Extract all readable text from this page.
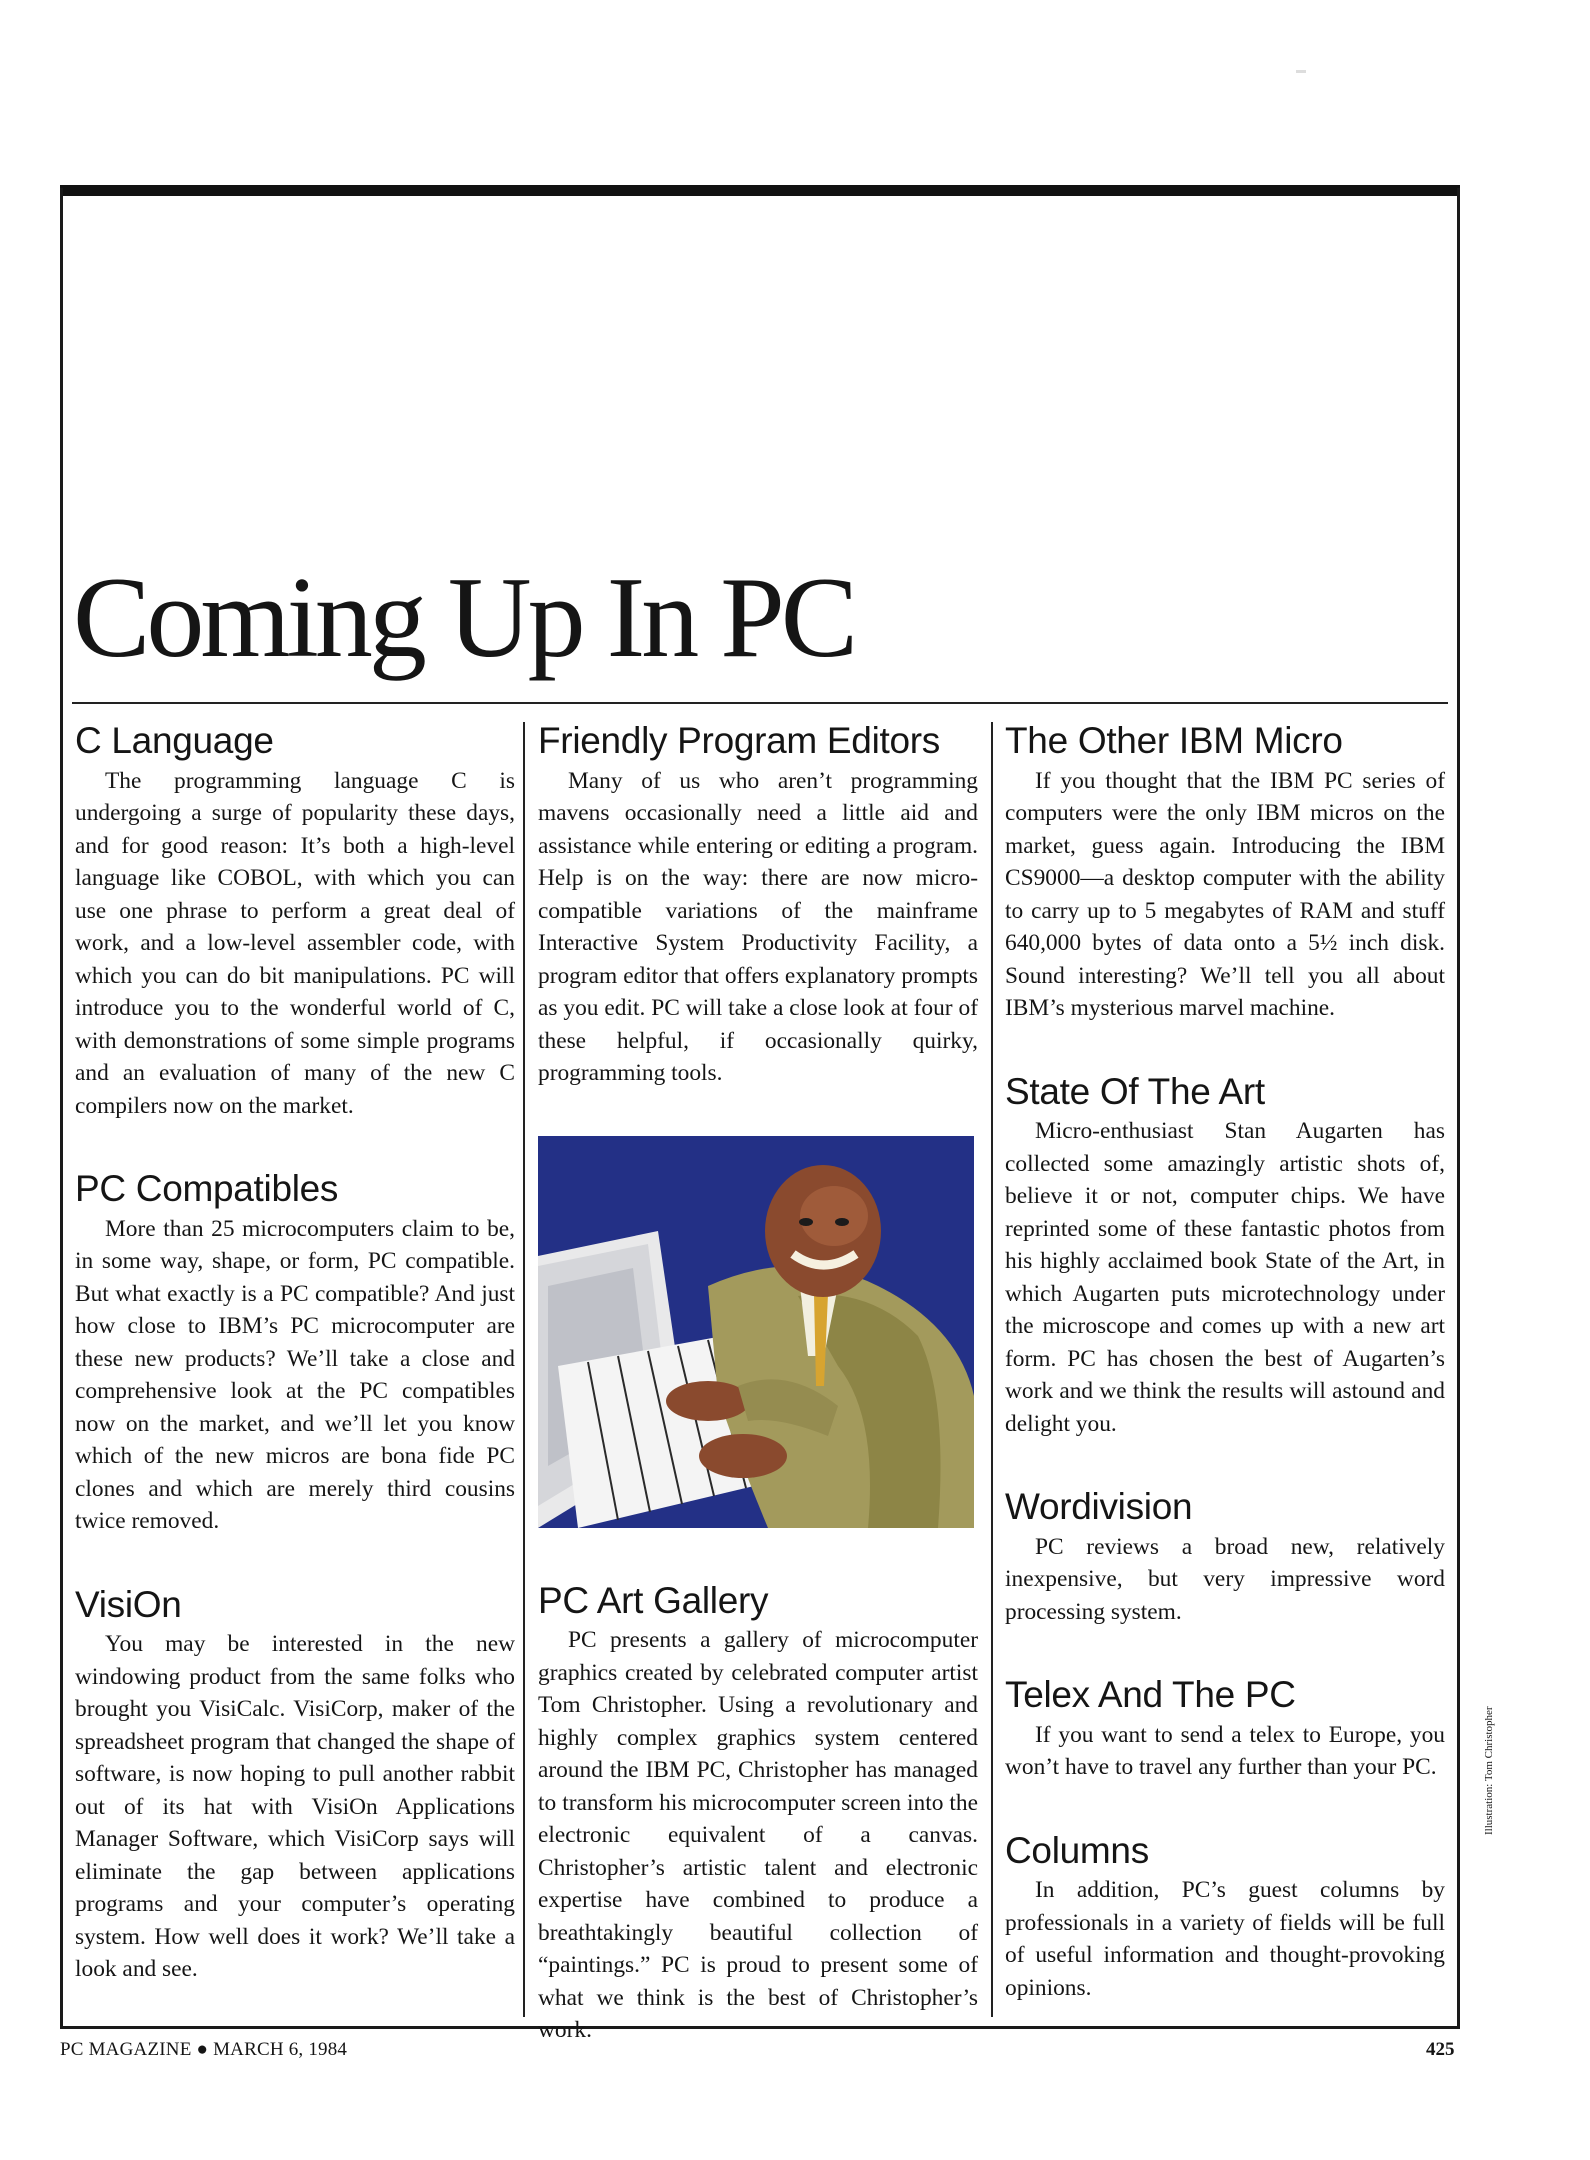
Coming Up In PC
C Language

The programming language C is undergoing a surge of popularity these days, and for good reason: It’s both a high-level language like COBOL, with which you can use one phrase to perform a great deal of work, and a low-level assembler code, with which you can do bit manipulations. PC will introduce you to the wonderful world of C, with demonstrations of some simple programs and an evaluation of many of the new C compilers now on the market.

PC Compatibles

More than 25 microcomputers claim to be, in some way, shape, or form, PC compatible. But what exactly is a PC compatible? And just how close to IBM’s PC microcomputer are these new products? We’ll take a close and comprehensive look at the PC compatibles now on the market, and we’ll let you know which of the new micros are bona fide PC clones and which are merely third cousins twice removed.

VisiOn

You may be interested in the new windowing product from the same folks who brought you VisiCalc. VisiCorp, maker of the spreadsheet program that changed the shape of software, is now hoping to pull another rabbit out of its hat with VisiOn Applications Manager Software, which VisiCorp says will eliminate the gap between applications programs and your computer’s operating system. How well does it work? We’ll take a look and see.

Friendly Program Editors

Many of us who aren’t programming mavens occasionally need a little aid and assistance while entering or editing a program. Help is on the way: there are now micro-compatible variations of the mainframe Interactive System Productivity Facility, a program editor that offers explanatory prompts as you edit. PC will take a close look at four of these helpful, if occasionally quirky, programming tools.

PC Art Gallery

PC presents a gallery of microcomputer graphics created by celebrated computer artist Tom Christopher. Using a revolutionary and highly complex graphics system centered around the IBM PC, Christopher has managed to transform his microcomputer screen into the electronic equivalent of a canvas. Christopher’s artistic talent and electronic expertise have combined to produce a breathtakingly beautiful collection of “paintings.” PC is proud to present some of what we think is the best of Christopher’s work.

The Other IBM Micro

If you thought that the IBM PC series of computers were the only IBM micros on the market, guess again. Introducing the IBM CS9000—a desktop computer with the ability to carry up to 5 megabytes of RAM and stuff 640,000 bytes of data onto a 5½ inch disk. Sound interesting? We’ll tell you all about IBM’s mysterious marvel machine.

State Of The Art

Micro-enthusiast Stan Augarten has collected some amazingly artistic shots of, believe it or not, computer chips. We have reprinted some of these fantastic photos from his highly acclaimed book State of the Art, in which Augarten puts microtechnology under the microscope and comes up with a new art form. PC has chosen the best of Augarten’s work and we think the results will astound and delight you.

Wordivision

PC reviews a broad new, relatively inexpensive, but very impressive word processing system.

Telex And The PC

If you want to send a telex to Europe, you won’t have to travel any further than your PC.

Columns

In addition, PC’s guest columns by professionals in a variety of fields will be full of useful information and thought-provoking opinions.

Illustration: Tom Christopher
PC MAGAZINE ● MARCH 6, 1984	425
